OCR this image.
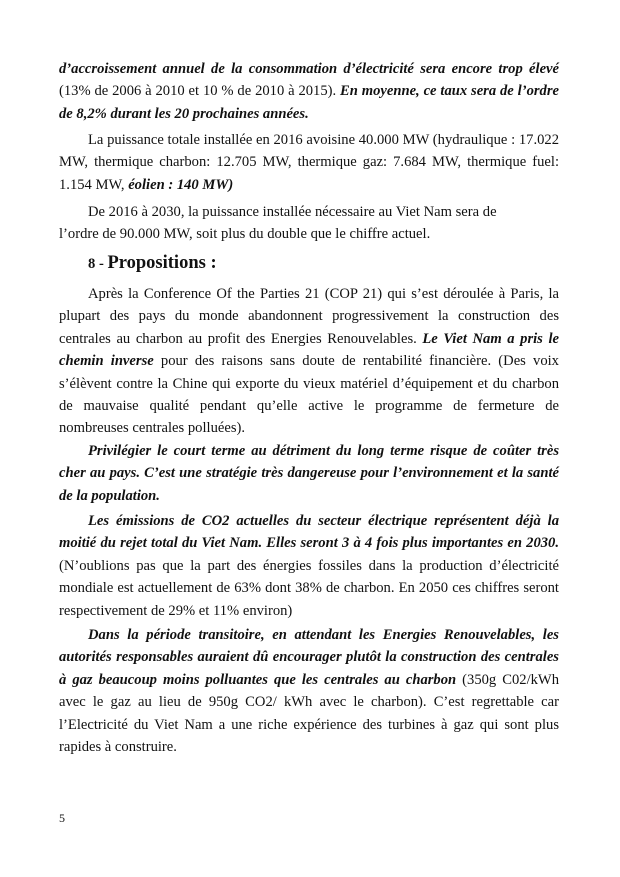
d’accroissement annuel de la consommation d’électricité sera encore trop élevé (13% de 2006 à 2010 et 10 % de 2010 à 2015). En moyenne, ce taux sera de l’ordre de 8,2% durant les 20 prochaines années.

La puissance totale installée en 2016 avoisine 40.000 MW (hydraulique : 17.022 MW, thermique charbon: 12.705 MW, thermique gaz: 7.684 MW, thermique fuel: 1.154 MW, éolien : 140 MW)

De 2016 à 2030, la puissance installée nécessaire au Viet Nam sera de
l’ordre de 90.000 MW, soit plus du double que le chiffre actuel.

8 - Propositions :

Après la Conference Of the Parties 21 (COP 21) qui s’est déroulée à Paris, la plupart des pays du monde abandonnent progressivement la construction des centrales au charbon au profit des Energies Renouvelables. Le Viet Nam a pris le chemin inverse pour des raisons sans doute de rentabilité financière. (Des voix s’élèvent contre la Chine qui exporte du vieux matériel d’équipement et du charbon de mauvaise qualité pendant qu’elle active le programme de fermeture de nombreuses centrales polluées).

Privilégier le court terme au détriment du long terme risque de coûter très cher au pays. C’est une stratégie très dangereuse pour l’environnement et la santé de la population.

Les émissions de CO2 actuelles du secteur électrique représentent déjà la moitié du rejet total du Viet Nam. Elles seront 3 à 4 fois plus importantes en 2030. (N’oublions pas que la part des énergies fossiles dans la production d’électricité mondiale est actuellement de 63% dont 38% de charbon. En 2050 ces chiffres seront respectivement de 29% et 11% environ)

Dans la période transitoire, en attendant les Energies Renouvelables, les autorités responsables auraient dû encourager plutôt la construction des centrales à gaz beaucoup moins polluantes que les centrales au charbon (350g C02/kWh avec le gaz au lieu de 950g CO2/ kWh avec le charbon). C’est regrettable car l’Electricité du Viet Nam a une riche expérience des turbines à gaz qui sont plus rapides à construire.

5
